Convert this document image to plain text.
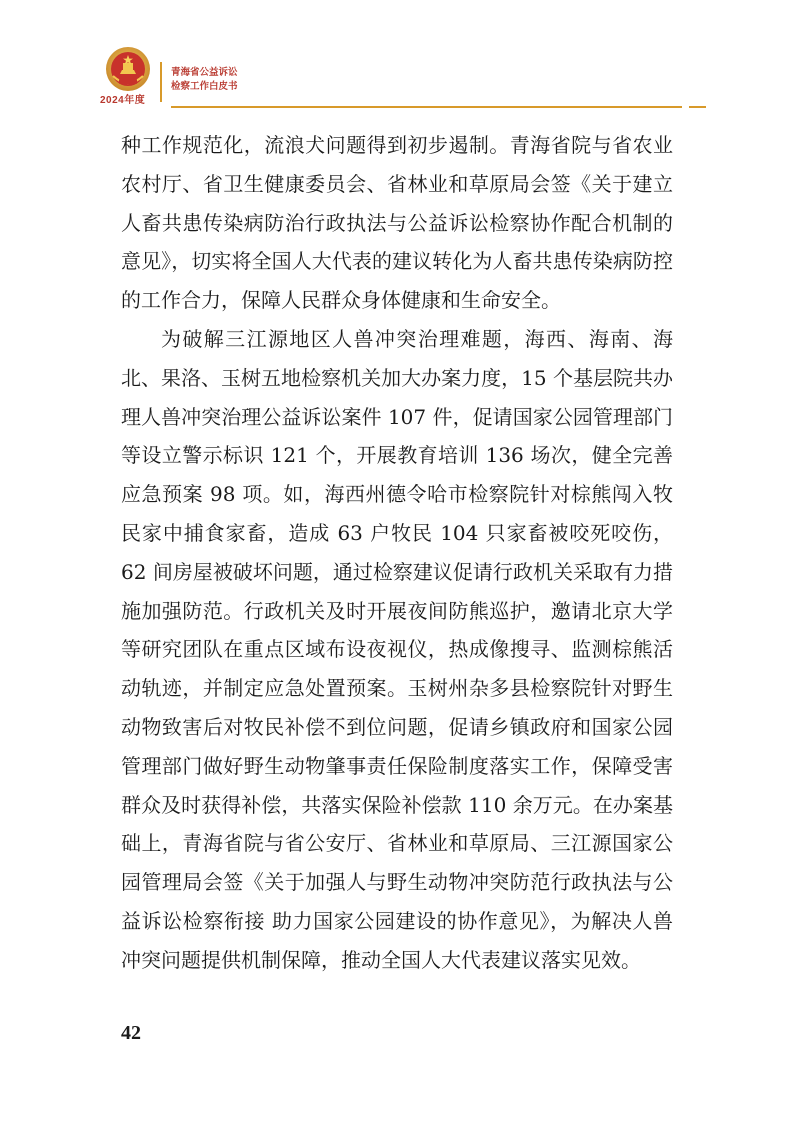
2024年度
青海省公益诉讼
检察工作白皮书

种工作规范化，流浪犬问题得到初步遏制。青海省院与省农业农村厅、省卫生健康委员会、省林业和草原局会签《关于建立人畜共患传染病防治行政执法与公益诉讼检察协作配合机制的意见》，切实将全国人大代表的建议转化为人畜共患传染病防控的工作合力，保障人民群众身体健康和生命安全。

为破解三江源地区人兽冲突治理难题，海西、海南、海北、果洛、玉树五地检察机关加大办案力度，15 个基层院共办理人兽冲突治理公益诉讼案件 107 件，促请国家公园管理部门等设立警示标识 121 个，开展教育培训 136 场次，健全完善应急预案 98 项。如，海西州德令哈市检察院针对棕熊闯入牧民家中捕食家畜，造成 63 户牧民 104 只家畜被咬死咬伤，62 间房屋被破坏问题，通过检察建议促请行政机关采取有力措施加强防范。行政机关及时开展夜间防熊巡护，邀请北京大学等研究团队在重点区域布设夜视仪，热成像搜寻、监测棕熊活动轨迹，并制定应急处置预案。玉树州杂多县检察院针对野生动物致害后对牧民补偿不到位问题，促请乡镇政府和国家公园管理部门做好野生动物肇事责任保险制度落实工作，保障受害群众及时获得补偿，共落实保险补偿款 110 余万元。在办案基础上，青海省院与省公安厅、省林业和草原局、三江源国家公园管理局会签《关于加强人与野生动物冲突防范行政执法与公益诉讼检察衔接 助力国家公园建设的协作意见》，为解决人兽冲突问题提供机制保障，推动全国人大代表建议落实见效。

42
